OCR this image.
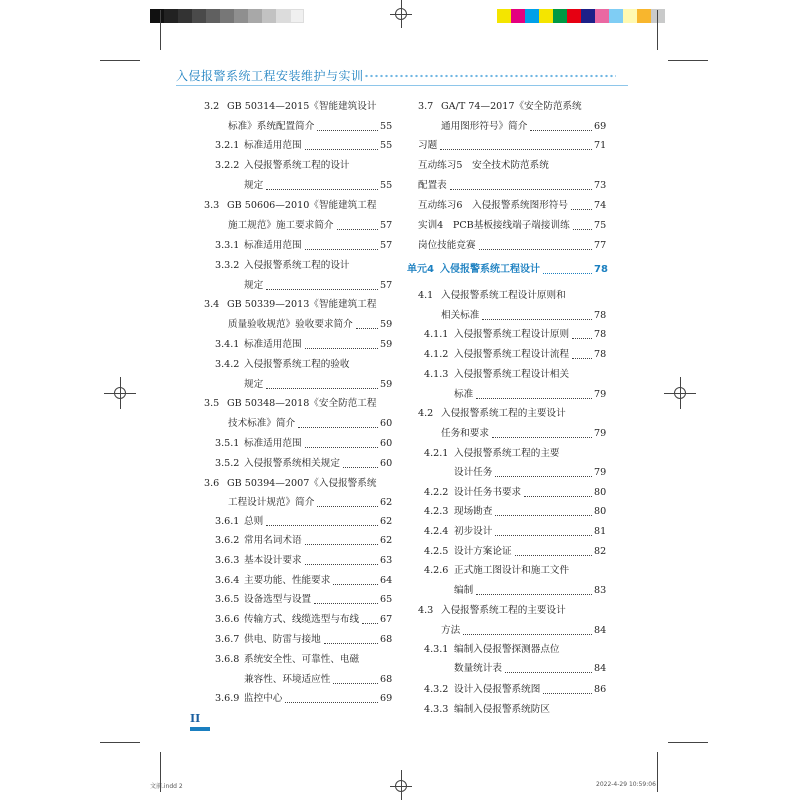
入侵报警系统工程安装维护与实训
3.2 GB 50314—2015《智能建筑设计
标准》系统配置简介	55
3.2.1 标准适用范围	55
3.2.2 入侵报警系统工程的设计
规定	55
3.3 GB 50606—2010《智能建筑工程
施工规范》施工要求简介	57
3.3.1 标准适用范围	57
3.3.2 入侵报警系统工程的设计
规定	57
3.4 GB 50339—2013《智能建筑工程
质量验收规范》验收要求简介	59
3.4.1 标准适用范围	59
3.4.2 入侵报警系统工程的验收
规定	59
3.5 GB 50348—2018《安全防范工程
技术标准》简介	60
3.5.1 标准适用范围	60
3.5.2 入侵报警系统相关规定	60
3.6 GB 50394—2007《入侵报警系统
工程设计规范》简介	62
3.6.1 总则	62
3.6.2 常用名词术语	62
3.6.3 基本设计要求	63
3.6.4 主要功能、性能要求	64
3.6.5 设备选型与设置	65
3.6.6 传输方式、线缆选型与布线 67
3.6.7 供电、防雷与接地	68
3.6.8 系统安全性、可靠性、电磁
兼容性、环境适应性	68
3.6.9 监控中心	69
3.7 GA/T 74—2017《安全防范系统
通用图形符号》简介	69
习题	71
互动练习5　安全技术防范系统
配置表	73
互动练习6　入侵报警系统图形符号	74
实训4　PCB基板接线端子端接训练	75
岗位技能竞赛	77
单元4 入侵报警系统工程设计	78
4.1 入侵报警系统工程设计原则和
相关标准	78
4.1.1 入侵报警系统工程设计原则	78
4.1.2 入侵报警系统工程设计流程	78
4.1.3 入侵报警系统工程设计相关
标准	79
4.2 入侵报警系统工程的主要设计
任务和要求	79
4.2.1 入侵报警系统工程的主要
设计任务	79
4.2.2 设计任务书要求	80
4.2.3 现场勘查	80
4.2.4 初步设计	81
4.2.5 设计方案论证	82
4.2.6 正式施工图设计和施工文件
编制	83
4.3 入侵报警系统工程的主要设计
方法	84
4.3.1 编制入侵报警探测器点位
数量统计表	84
4.3.2 设计入侵报警系统图	86
4.3.3 编制入侵报警系统防区
II
文前.indd 2	2022-4-29 10:59:06
